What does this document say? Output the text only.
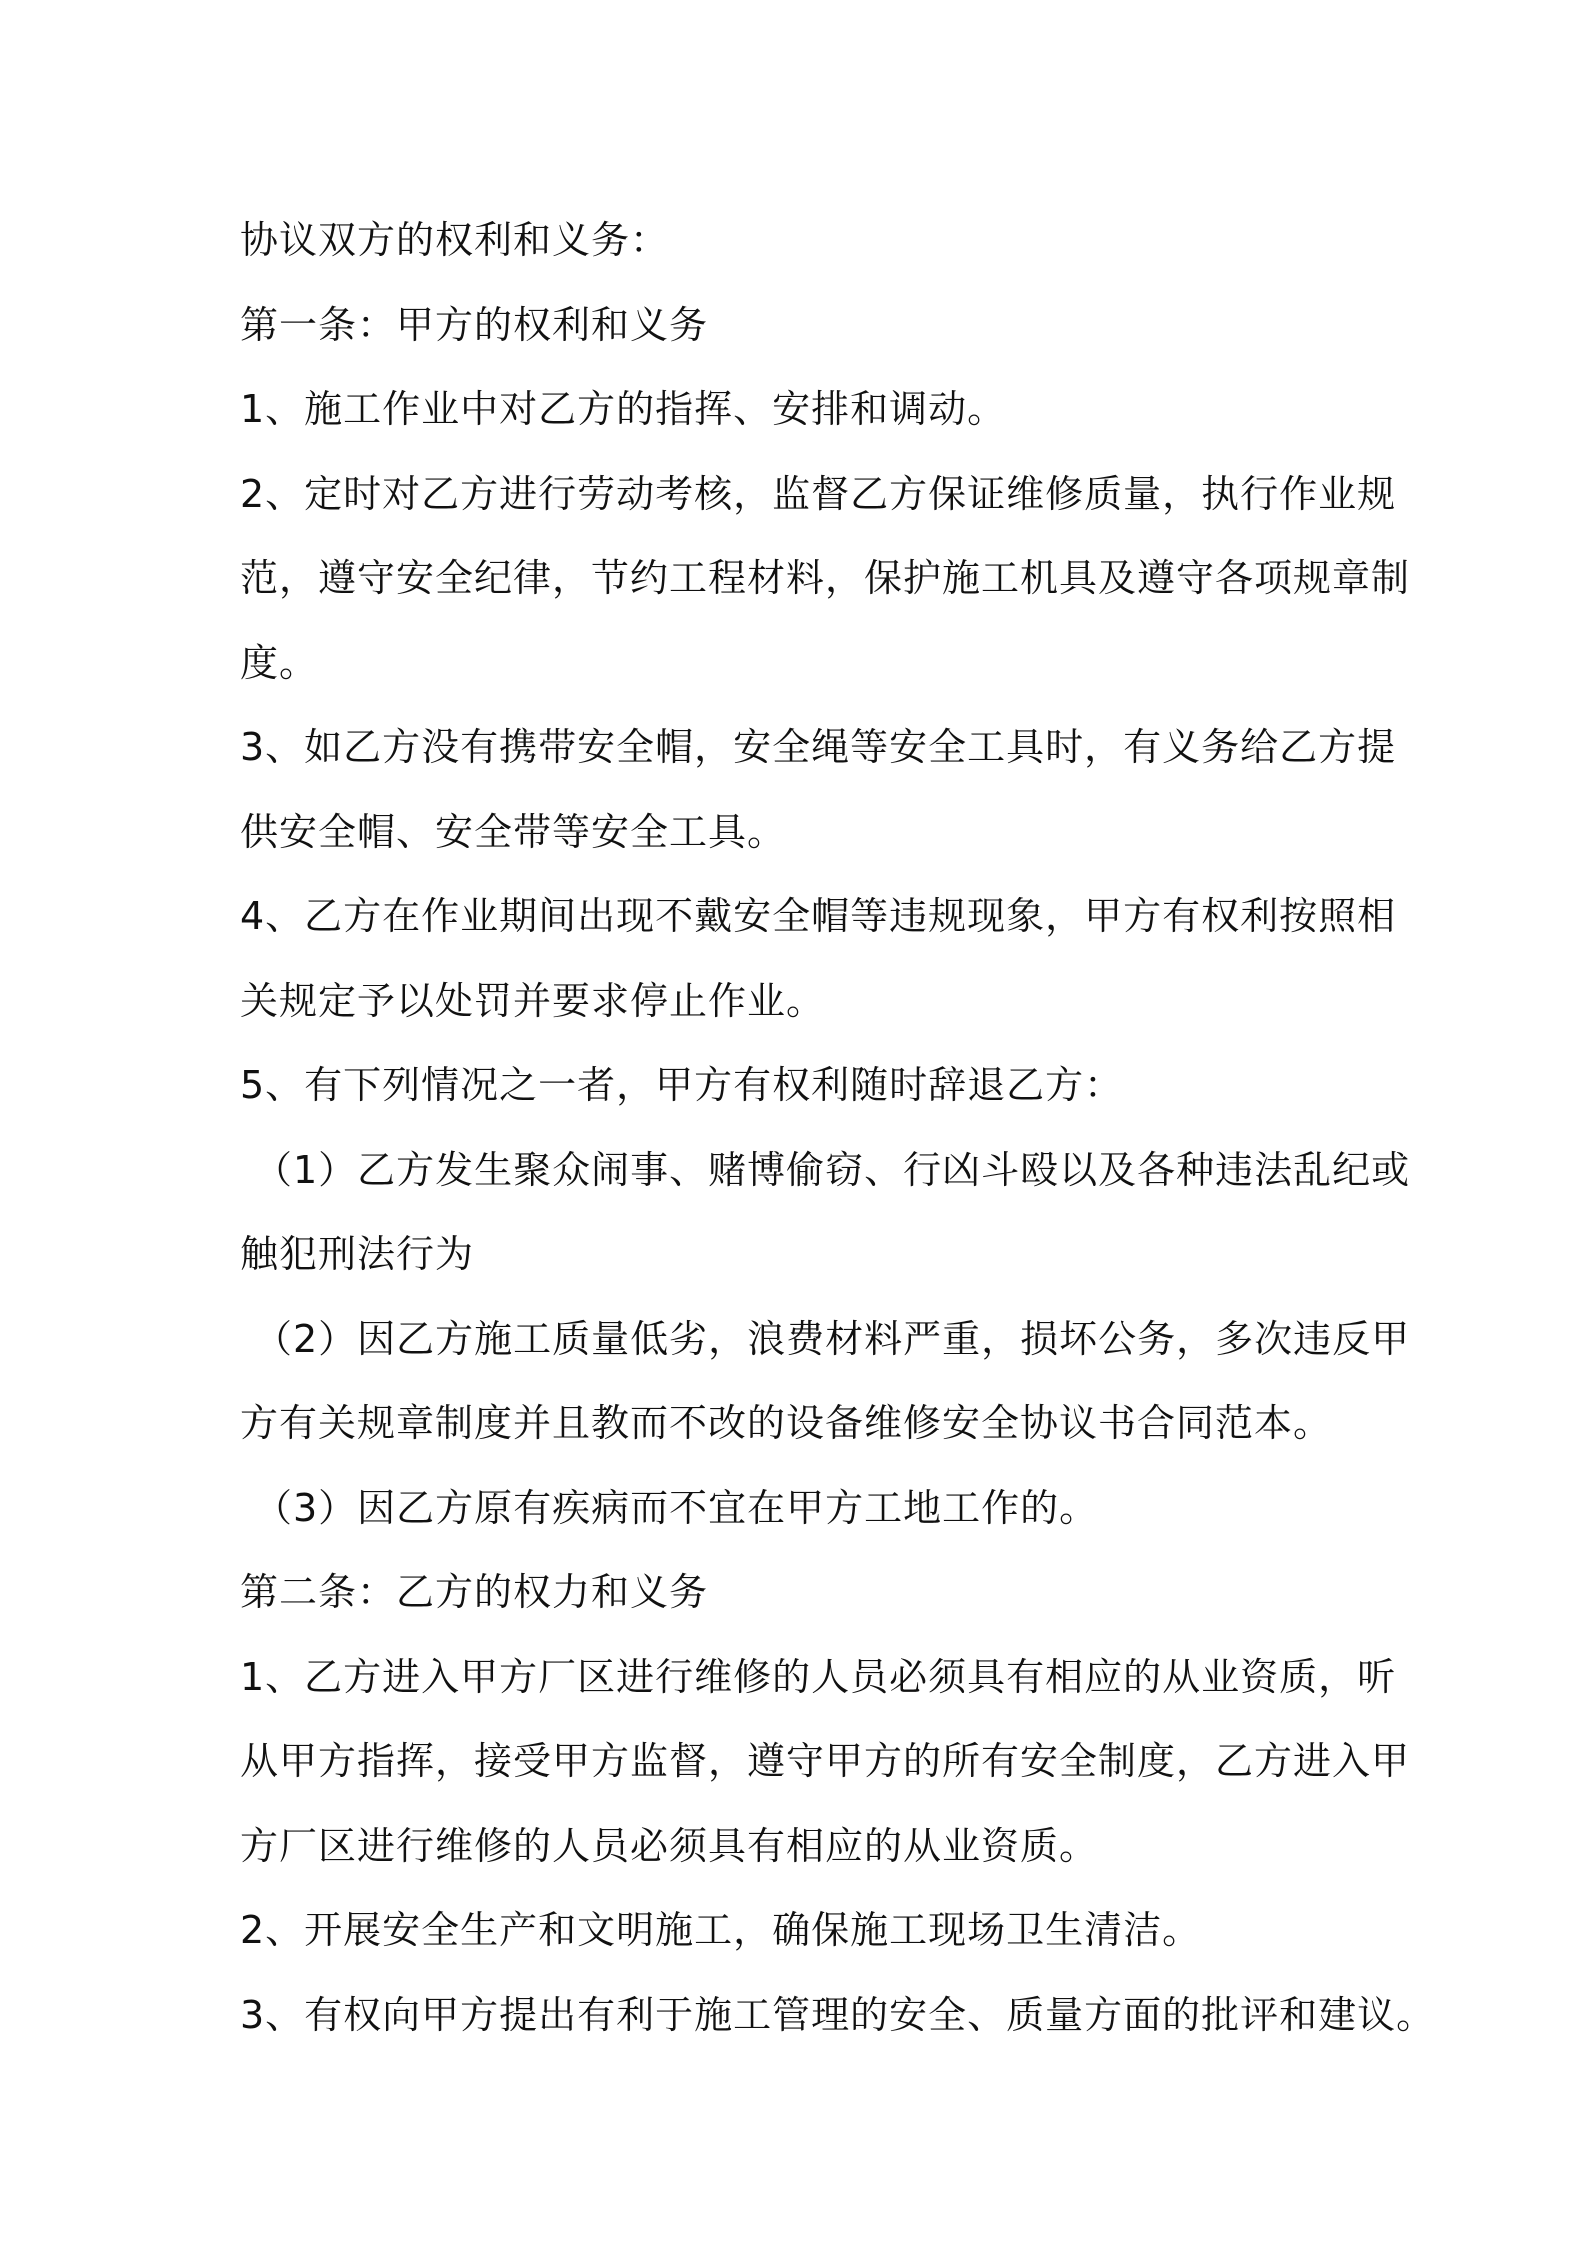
协议双方的权利和义务：
第一条：甲方的权利和义务
1、施工作业中对乙方的指挥、安排和调动。
2、定时对乙方进行劳动考核，监督乙方保证维修质量，执行作业规
范，遵守安全纪律，节约工程材料，保护施工机具及遵守各项规章制
度。
3、如乙方没有携带安全帽，安全绳等安全工具时，有义务给乙方提
供安全帽、安全带等安全工具。
4、乙方在作业期间出现不戴安全帽等违规现象，甲方有权利按照相
关规定予以处罚并要求停止作业。
5、有下列情况之一者，甲方有权利随时辞退乙方：
（1）乙方发生聚众闹事、赌博偷窃、行凶斗殴以及各种违法乱纪或
触犯刑法行为
（2）因乙方施工质量低劣，浪费材料严重，损坏公务，多次违反甲
方有关规章制度并且教而不改的设备维修安全协议书合同范本。
（3）因乙方原有疾病而不宜在甲方工地工作的。
第二条：乙方的权力和义务
1、乙方进入甲方厂区进行维修的人员必须具有相应的从业资质，听
从甲方指挥，接受甲方监督，遵守甲方的所有安全制度，乙方进入甲
方厂区进行维修的人员必须具有相应的从业资质。
2、开展安全生产和文明施工，确保施工现场卫生清洁。
3、有权向甲方提出有利于施工管理的安全、质量方面的批评和建议。
